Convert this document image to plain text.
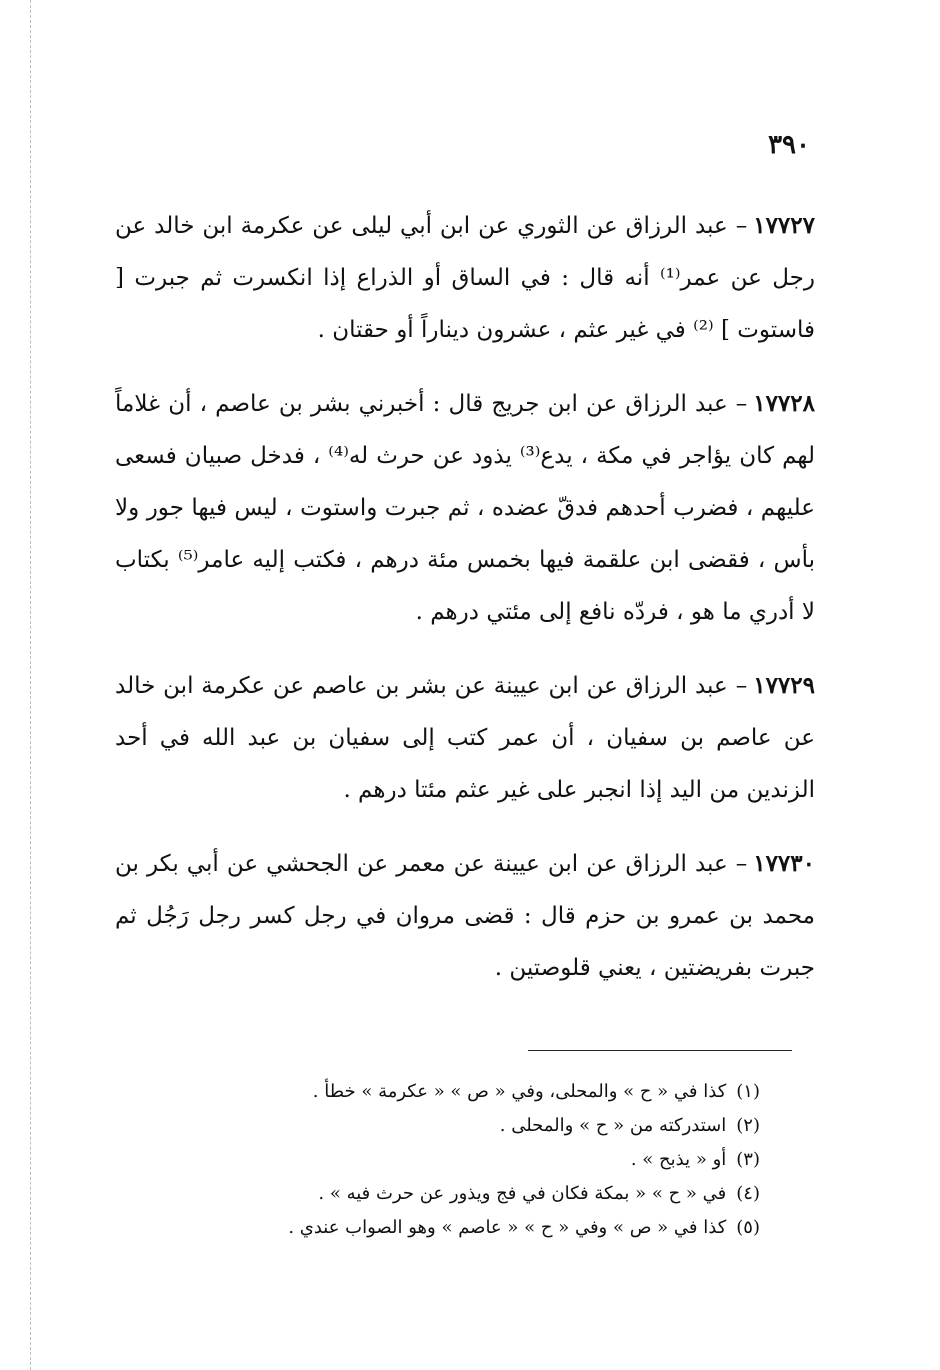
٣٩٠

١٧٧٢٧–عبد الرزاق عن الثوري عن ابن أبي ليلى عن عكرمة ابن خالد عن رجل عن عمر⁽¹⁾ أنه قال : في الساق أو الذراع إذا انكسرت ثم جبرت [ فاستوت ] ⁽²⁾ في غير عثم ، عشرون ديناراً أو حقتان .

١٧٧٢٨–عبد الرزاق عن ابن جريج قال : أخبرني بشر بن عاصم ، أن غلاماً لهم كان يؤاجر في مكة ، يدع⁽³⁾ يذود عن حرث له⁽⁴⁾ ، فدخل صبيان فسعى عليهم ، فضرب أحدهم فدقّ عضده ، ثم جبرت واستوت ، ليس فيها جور ولا بأس ، فقضى ابن علقمة فيها بخمس مئة درهم ، فكتب إليه عامر⁽⁵⁾ بكتاب لا أدري ما هو ، فردّه نافع إلى مئتي درهم .

١٧٧٢٩–عبد الرزاق عن ابن عيينة عن بشر بن عاصم عن عكرمة ابن خالد عن عاصم بن سفيان ، أن عمر كتب إلى سفيان بن عبد الله في أحد الزندين من اليد إذا انجبر على غير عثم مئتا درهم .

١٧٧٣٠–عبد الرزاق عن ابن عيينة عن معمر عن الجحشي عن أبي بكر بن محمد بن عمرو بن حزم قال : قضى مروان في رجل كسر رجل رَجُل ثم جبرت بفريضتين ، يعني قلوصتين .

(١)كذا في « ح » والمحلى، وفي « ص » « عكرمة » خطأ .

(٢)استدركته من « ح » والمحلى .

(٣)أو « يذبح » .

(٤)في « ح » « بمكة فكان في فج ويذور عن حرث فيه » .

(٥)كذا في « ص » وفي « ح » « عاصم » وهو الصواب عندي .
